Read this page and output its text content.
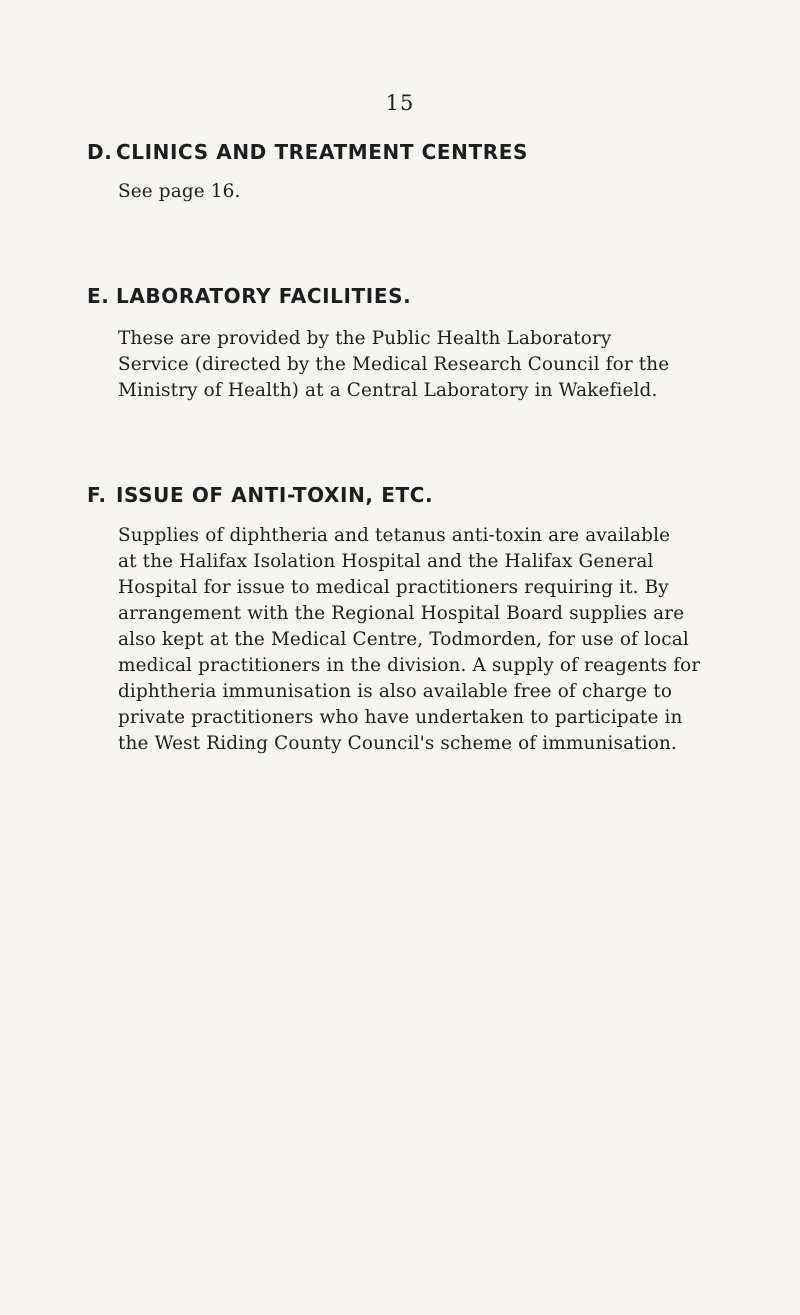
15
D. CLINICS AND TREATMENT CENTRES

See page 16.

E. LABORATORY FACILITIES.

These are provided by the Public Health Laboratory
Service (directed by the Medical Research Council for the
Ministry of Health) at a Central Laboratory in Wakefield.

F. ISSUE OF ANTI-TOXIN, ETC.

Supplies of diphtheria and tetanus anti-toxin are available
at the Halifax Isolation Hospital and the Halifax General
Hospital for issue to medical practitioners requiring it. By
arrangement with the Regional Hospital Board supplies are
also kept at the Medical Centre, Todmorden, for use of local
medical practitioners in the division. A supply of reagents for
diphtheria immunisation is also available free of charge to
private practitioners who have undertaken to participate in
the West Riding County Council's scheme of immunisation.
